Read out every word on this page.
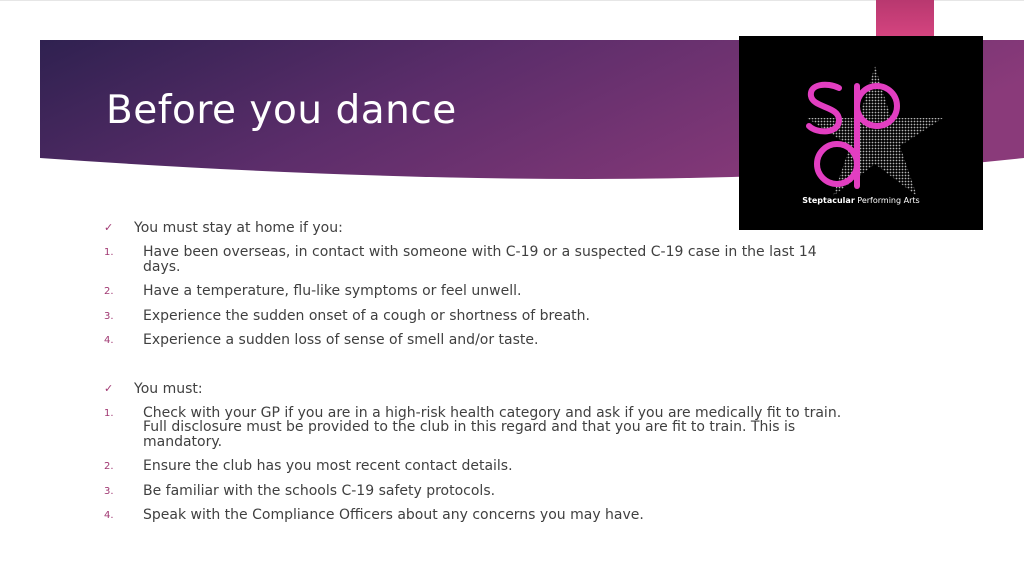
Before you dance
Steptacular Performing Arts
✓	You must stay at home if you:
1.	Have been overseas, in contact with someone with C-19 or a suspected C-19 case in the last 14 days.
2.	Have a temperature, flu-like symptoms or feel unwell.
3.	Experience the sudden onset of a cough or shortness of breath.
4.	Experience a sudden loss of sense of smell and/or taste.
✓	You must:
1.	Check with your GP if you are in a high-risk health category and ask if you are medically fit to train. Full disclosure must be provided to the club in this regard and that you are fit to train. This is mandatory.
2.	Ensure the club has you most recent contact details.
3.	Be familiar with the schools C-19 safety protocols.
4.	Speak with the Compliance Officers about any concerns you may have.
